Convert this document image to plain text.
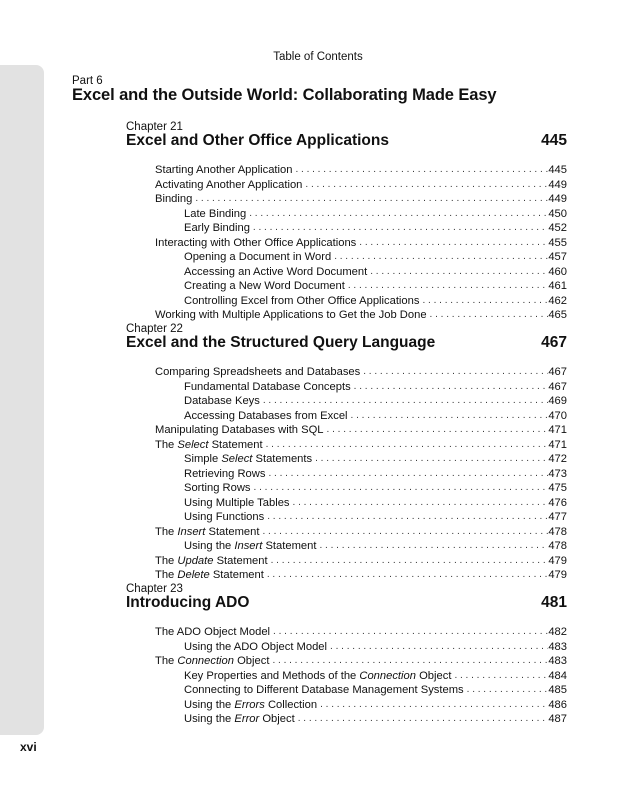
Table of Contents
Part 6
Excel and the Outside World: Collaborating Made Easy
Chapter 21
Excel and Other Office Applications	445
Starting Another Application . . .	445
Activating Another Application . . .	449
Binding . . .	449
Late Binding . . .	450
Early Binding . . .	452
Interacting with Other Office Applications . . .	455
Opening a Document in Word . . .	457
Accessing an Active Word Document . . .	460
Creating a New Word Document . . .	461
Controlling Excel from Other Office Applications . . .	462
Working with Multiple Applications to Get the Job Done . . .	465
Chapter 22
Excel and the Structured Query Language	467
Comparing Spreadsheets and Databases . . .	467
Fundamental Database Concepts . . .	467
Database Keys . . .	469
Accessing Databases from Excel . . .	470
Manipulating Databases with SQL . . .	471
The Select Statement . . .	471
Simple Select Statements . . .	472
Retrieving Rows . . .	473
Sorting Rows . . .	475
Using Multiple Tables . . .	476
Using Functions . . .	477
The Insert Statement . . .	478
Using the Insert Statement . . .	478
The Update Statement . . .	479
The Delete Statement . . .	479
Chapter 23
Introducing ADO	481
The ADO Object Model . . .	482
Using the ADO Object Model . . .	483
The Connection Object . . .	483
Key Properties and Methods of the Connection Object . . .	484
Connecting to Different Database Management Systems . . .	485
Using the Errors Collection . . .	486
Using the Error Object . . .	487
xvi
